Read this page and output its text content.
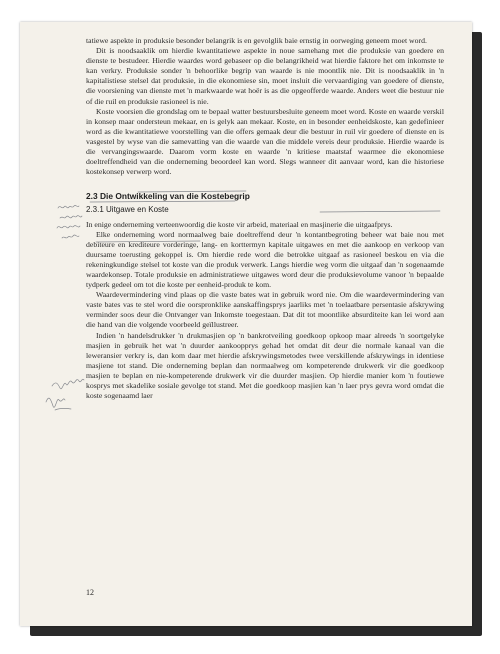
tatiewe aspekte in produksie besonder belangrik is en gevolglik baie ernstig in oorweging geneem moet word.

Dit is noodsaaklik om hierdie kwantitatiewe aspekte in noue samehang met die produksie van goedere en dienste te bestudeer. Hierdie waardes word gebaseer op die belangrikheid wat hierdie faktore het om inkomste te kan verkry. Produksie sonder 'n behoorlike begrip van waarde is nie moontlik nie. Dit is noodsaaklik in 'n kapitalistiese stelsel dat produksie, in die ekonomiese sin, moet insluit die vervaardiging van goedere of dienste, die voorsiening van dienste met 'n markwaarde wat hoër is as die opgeofferde waarde. Anders weet die bestuur nie of die ruil en produksie rasioneel is nie.

Koste voorsien die grondslag om te bepaal watter bestuursbesluite geneem moet word. Koste en waarde verskil in konsep maar ondersteun mekaar, en is gelyk aan mekaar. Koste, en in besonder eenheidskoste, kan gedefinieer word as die kwantitatiewe voorstelling van die offers gemaak deur die bestuur in ruil vir goedere of dienste en is vasgestel by wyse van die samevatting van die waarde van die middele vereis deur produksie. Hierdie waarde is die vervangingswaarde. Daarom vorm koste en waarde 'n kritiese maatstaf waarmee die ekonomiese doeltreffendheid van die onderneming beoordeel kan word. Slegs wanneer dit aanvaar word, kan die historiese kostekonsep verwerp word.

2.3 Die Ontwikkeling van die Kostebegrip
2.3.1 Uitgawe en Koste

In enige onderneming verteenwoordig die koste vir arbeid, materiaal en masjinerie die uitgaafprys.

Elke onderneming word normaalweg baie doeltreffend deur 'n kontantbegroting beheer wat baie nou met debiteure en krediteure vorderinge, lang- en korttermyn kapitale uitgawes en met die aankoop en verkoop van duursame toerusting gekoppel is. Om hierdie rede word die betrokke uitgaaf as rasioneel beskou en via die rekeningkundige stelsel tot koste van die produk verwerk. Langs hierdie weg vorm die uitgaaf dan 'n sogenaamde waardekonsep. Totale produksie en administratiewe uitgawes word deur die produksievolume vanoor 'n bepaalde tydperk gedeel om tot die koste per eenheid-produk te kom.

Waardevermindering vind plaas op die vaste bates wat in gebruik word nie. Om die waardevermindering van vaste bates vas te stel word die oorspronklike aanskaffingsprys jaarliks met 'n toelaatbare persentasie afskrywing verminder soos deur die Ontvanger van Inkomste toegestaan. Dat dit tot moontlike absurditeite kan lei word aan die hand van die volgende voorbeeld geïllustreer.

Indien 'n handelsdrukker 'n drukmasjien op 'n bankrotveiling goedkoop opkoop maar alreeds 'n soortgelyke masjien in gebruik het wat 'n duurder aankoopprys gehad het omdat dit deur die normale kanaal van die leweransier verkry is, dan kom daar met hierdie afskrywingsmetodes twee verskillende afskrywings in identiese masjiene tot stand. Die onderneming beplan dan normaalweg om kompeterende drukwerk vir die goedkoop masjien te beplan en nie-kompeterende drukwerk vir die duurder masjien. Op hierdie manier kom 'n foutiewe kosprys met skadelike sosiale gevolge tot stand. Met die goedkoop masjien kan 'n laer prys gevra word omdat die koste sogenaamd laer

12
